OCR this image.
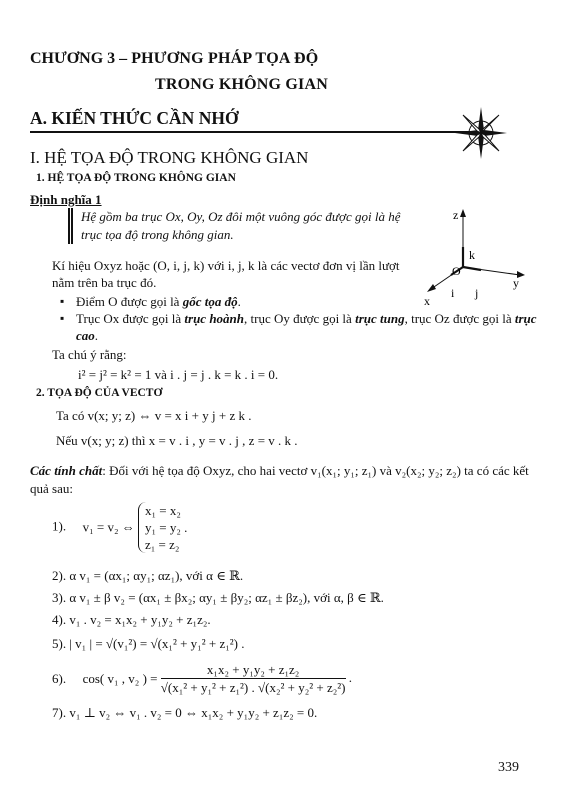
CHƯƠNG 3 – PHƯƠNG PHÁP TỌA ĐỘ
TRONG KHÔNG GIAN
A. KIẾN THỨC CẦN NHỚ
I. HỆ TỌA ĐỘ TRONG KHÔNG GIAN
1. HỆ TỌA ĐỘ TRONG KHÔNG GIAN
Định nghĩa 1
Hệ gồm ba trục Ox, Oy, Oz đôi một vuông góc được gọi là hệ trục tọa độ trong không gian.
z
y
x
O
k
i j
Kí hiệu Oxyz hoặc (O, i, j, k) với i, j, k là các vectơ đơn vị lần lượt nằm trên ba trục đó.
▪ Điểm O được gọi là gốc tọa độ.
▪ Trục Ox được gọi là trục hoành, trục Oy được gọi là trục tung, trục Oz được gọi là trục cao.
Ta chú ý rằng:
i² = j² = k² = 1 và i . j = j . k = k . i = 0.
2. TỌA ĐỘ CỦA VECTƠ
Ta có v(x; y; z) ⇔ v = x i + y j + z k .
Nếu v(x; y; z) thì x = v . i , y = v . j , z = v . k .
Các tính chất: Đối với hệ tọa độ Oxyz, cho hai vectơ v₁(x₁; y₁; z₁) và v₂(x₂; y₂; z₂) ta có các kết quả sau:
1). v₁ = v₂ ⇔
x₁ = x₂
y₁ = y₂ .
z₁ = z₂
2). α v₁ = (αx₁; αy₁; αz₁), với α ∈ ℝ.
3). α v₁ ± β v₂ = (αx₁ ± βx₂; αy₁ ± βy₂; αz₁ ± βz₂), với α, β ∈ ℝ.
4). v₁ . v₂ = x₁x₂ + y₁y₂ + z₁z₂.
5). | v₁ | = √(v₁²) = √(x₁² + y₁² + z₁²) .
6). cos( v₁ , v₂ ) = $\frac{\text{x₁x₂ + y₁y₂ + z₁z₂}}{\text{√(x₁² + y₁² + z₁²) . √(x₂² + y₂² + z₂²)}}$ .
7). v₁ ⊥ v₂ ⇔ v₁ . v₂ = 0 ⇔ x₁x₂ + y₁y₂ + z₁z₂ = 0.
339
